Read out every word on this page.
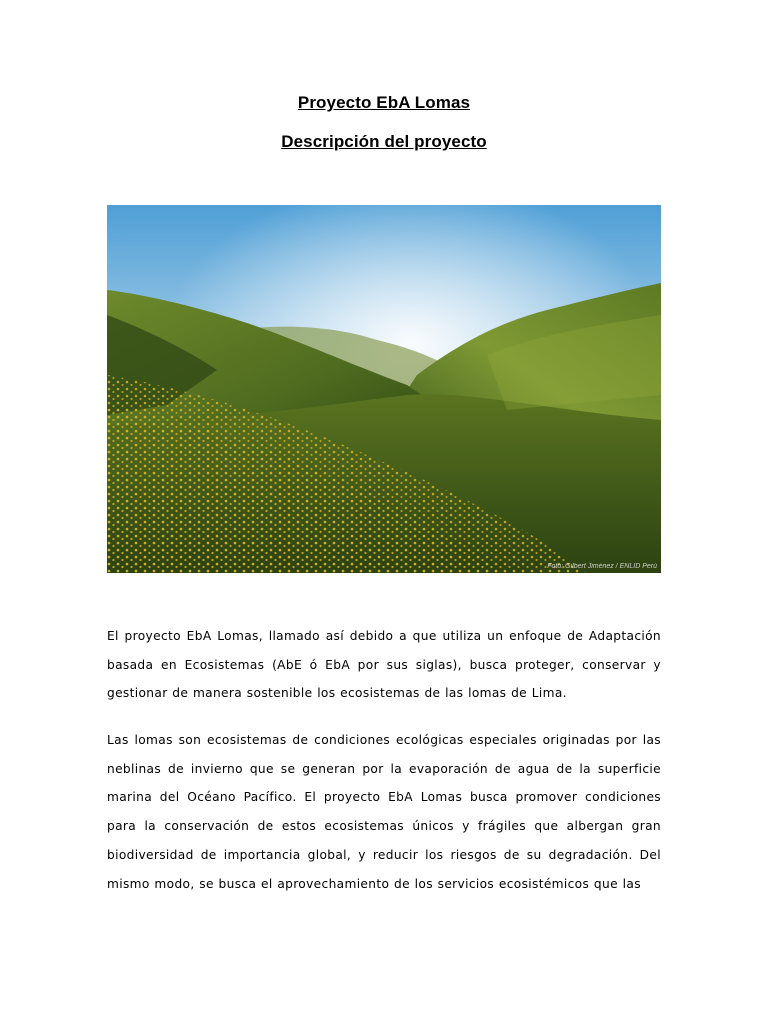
Proyecto EbA Lomas
Descripción del proyecto
Foto: Gilbert Jiménez / ENLID Perú

El proyecto EbA Lomas, llamado así debido a que utiliza un enfoque de Adaptación basada en Ecosistemas (AbE ó EbA por sus siglas), busca proteger, conservar y gestionar de manera sostenible los ecosistemas de las lomas de Lima.

Las lomas son ecosistemas de condiciones ecológicas especiales originadas por las neblinas de invierno que se generan por la evaporación de agua de la superficie marina del Océano Pacífico. El proyecto EbA Lomas busca promover condiciones para la conservación de estos ecosistemas únicos y frágiles que albergan gran biodiversidad de importancia global, y reducir los riesgos de su degradación. Del mismo modo, se busca el aprovechamiento de los servicios ecosistémicos que las
